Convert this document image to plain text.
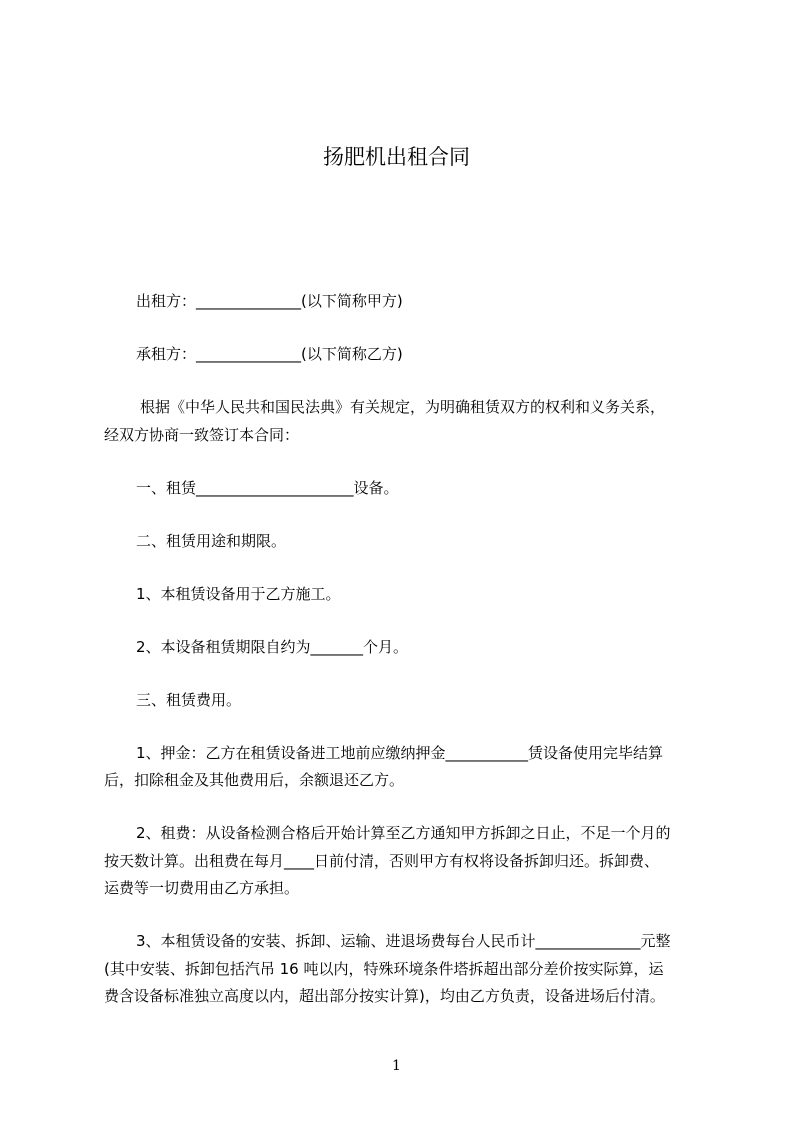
扬肥机出租合同

出租方：______________(以下简称甲方)

承租方：______________(以下简称乙方)

根据《中华人民共和国民法典》有关规定，为明确租赁双方的权利和义务关系，

经双方协商一致签订本合同：

一、租赁_____________________设备。

二、租赁用途和期限。

1、本租赁设备用于乙方施工。

2、本设备租赁期限自约为_______个月。

三、租赁费用。

1、押金：乙方在租赁设备进工地前应缴纳押金___________赁设备使用完毕结算

后，扣除租金及其他费用后，余额退还乙方。

2、租费：从设备检测合格后开始计算至乙方通知甲方拆卸之日止，不足一个月的

按天数计算。出租费在每月____日前付清，否则甲方有权将设备拆卸归还。拆卸费、

运费等一切费用由乙方承担。

3、本租赁设备的安装、拆卸、运输、进退场费每台人民币计______________元整

(其中安装、拆卸包括汽吊 16 吨以内，特殊环境条件塔拆超出部分差价按实际算，运

费含设备标准独立高度以内，超出部分按实计算)，均由乙方负责，设备进场后付清。

1
